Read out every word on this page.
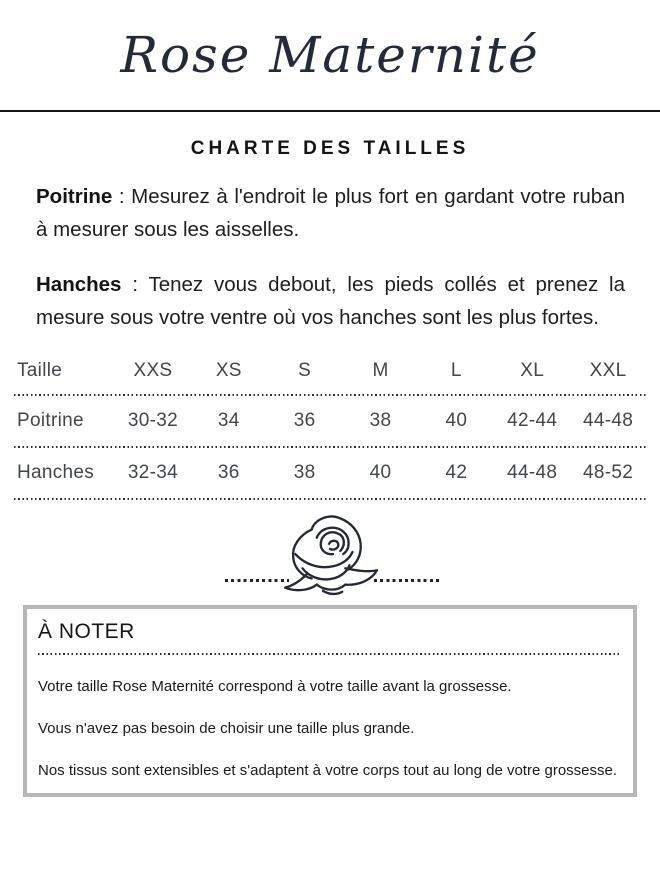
Rose Maternité
CHARTE DES TAILLES

Poitrine : Mesurez à l'endroit le plus fort en gardant votre ruban à mesurer sous les aisselles.

Hanches : Tenez vous debout, les pieds collés et prenez la mesure sous votre ventre où vos hanches sont les plus fortes.

Taille	XXS	XS	S	M	L	XL	XXL
Poitrine	30-32	34	36	38	40	42-44	44-48
Hanches	32-34	36	38	40	42	44-48	48-52
À NOTER

Votre taille Rose Maternité correspond à votre taille avant la grossesse.

Vous n'avez pas besoin de choisir une taille plus grande.

Nos tissus sont extensibles et s'adaptent à votre corps tout au long de votre grossesse.
